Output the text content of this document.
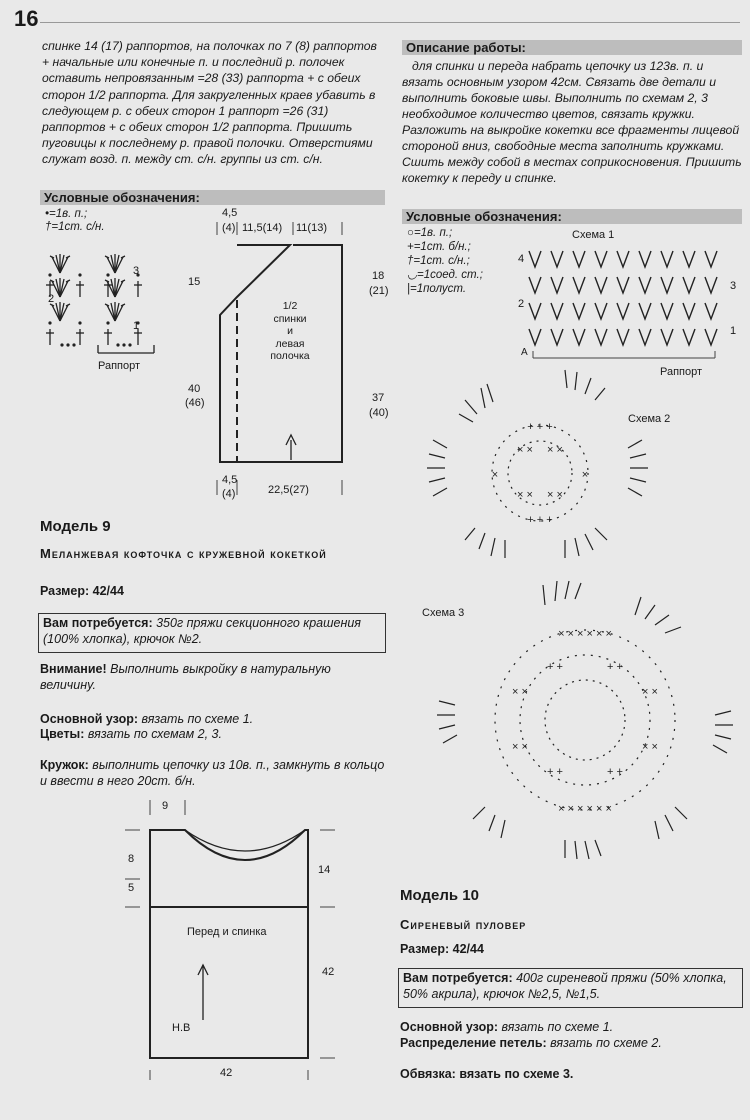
16
спинке 14 (17) раппортов, на полочках по 7 (8) раппортов + начальные или конечные п. и последний р. полочек оставить непровязанным =28 (33) раппорта + с обеих сторон 1/2 раппорта. Для закругленных краев убавить в следующем р. с обеих сторон 1 раппорт =26 (31) раппортов + с обеих сторон 1/2 раппорта. Пришить пуговицы к последнему р. правой полочки. Отверстиями служат возд. п. между ст. с/н. группы из ст. с/н.
Описание работы:
для спинки и переда набрать цепочку из 123в. п. и вязать основным узором 42см. Связать две детали и выполнить боковые швы. Выполнить по схемам 2, 3 необходимое количество цветов, связать кружки. Разложить на выкройке кокетки все фрагменты лицевой стороной вниз, свободные места заполнить кружками. Сшить между собой в местах соприкосновения. Пришить кокетку к переду и спинке.
Условные обозначения:
•=1в. п.;
†=1ст. с/н.
3
2
1
Раппорт
4,5
(4) 11,5(14) 11(13)
18
(21)
37
(40)
15
40
(46)
4,5
(4)	22,5(27)
1/2
спинки
и
левая
полочка
Модель 9
Меланжевая кофточка с кружевной кокеткой
Размер: 42/44
Вам потребуется: 350г пряжи секционного крашения (100% хлопка), крючок №2.
Внимание! Выполнить выкройку в натуральную величину.
Основной узор: вязать по схеме 1.
Цветы: вязать по схемам 2, 3.
Кружок: выполнить цепочку из 10в. п., замкнуть в кольцо и ввести в него 20ст. б/н.
9
8
5
14
42
42
Перед и спинка
Н.В
Условные обозначения:
○=1в. п.;
+=1ст. б/н.;
†=1ст. с/н.;
◡=1соед. ст.;
|=1полуст.
Схема 1
4
3
2
1
A
Раппорт
Схема 2
+ + +
+ + +
×	×
× × × ×
× × × ×
Схема 3
× × × × × ×
× × × × × ×
× ×	× ×
× ×	× ×
+ +	+ +
+ +	+ +
Модель 10
Сиреневый пуловер
Размер: 42/44
Вам потребуется: 400г сиреневой пряжи (50% хлопка, 50% акрила), крючок №2,5, №1,5.
Основной узор: вязать по схеме 1.
Распределение петель: вязать по схеме 2.
Обвязка: вязать по схеме 3.
